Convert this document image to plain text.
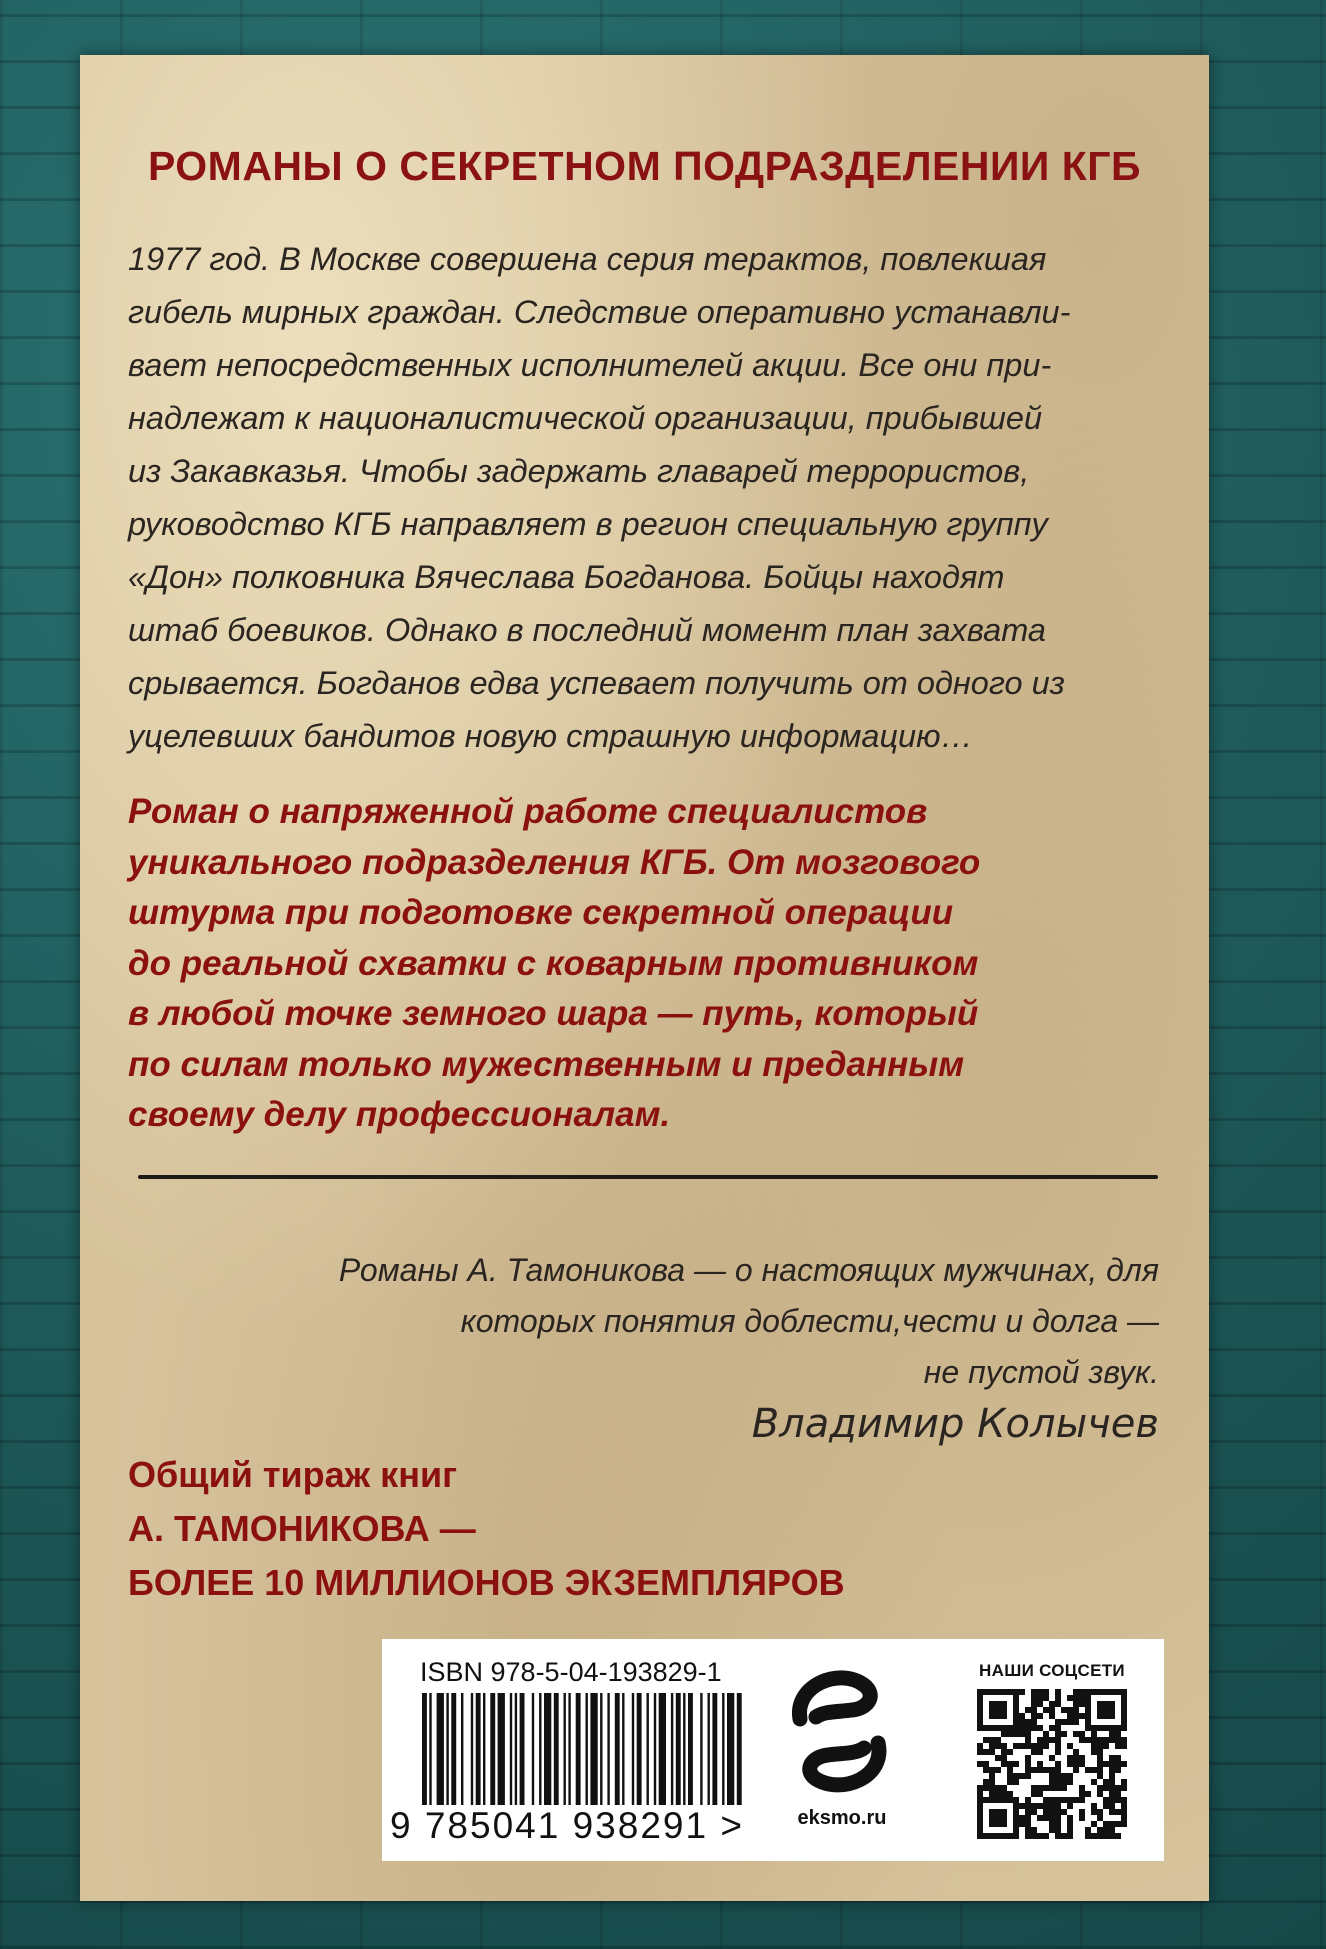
РОМАНЫ О СЕКРЕТНОМ ПОДРАЗДЕЛЕНИИ КГБ

1977 год. В Москве совершена серия терактов, повлекшая
гибель мирных граждан. Следствие оперативно устанавли-
вает непосредственных исполнителей акции. Все они при-
надлежат к националистической организации, прибывшей
из Закавказья. Чтобы задержать главарей террористов,
руководство КГБ направляет в регион специальную группу
«Дон» полковника Вячеслава Богданова. Бойцы находят
штаб боевиков. Однако в последний момент план захвата
срывается. Богданов едва успевает получить от одного из
уцелевших бандитов новую страшную информацию…

Роман о напряженной работе специалистов
уникального подразделения КГБ. От мозгового
штурма при подготовке секретной операции
до реальной схватки с коварным противником
в любой точке земного шара — путь, который
по силам только мужественным и преданным
своему делу профессионалам.

Романы А. Тамоникова — о настоящих мужчинах, для
которых понятия доблести,чести и долга —
не пустой звук.

Владимир Колычев

Общий тираж книг
А. ТАМОНИКОВА —
БОЛЕЕ 10 МИЛЛИОНОВ ЭКЗЕМПЛЯРОВ

ISBN 978-5-04-193829-1
9 785041 938291 >	eksmo.ru
НАШИ СОЦСЕТИ
